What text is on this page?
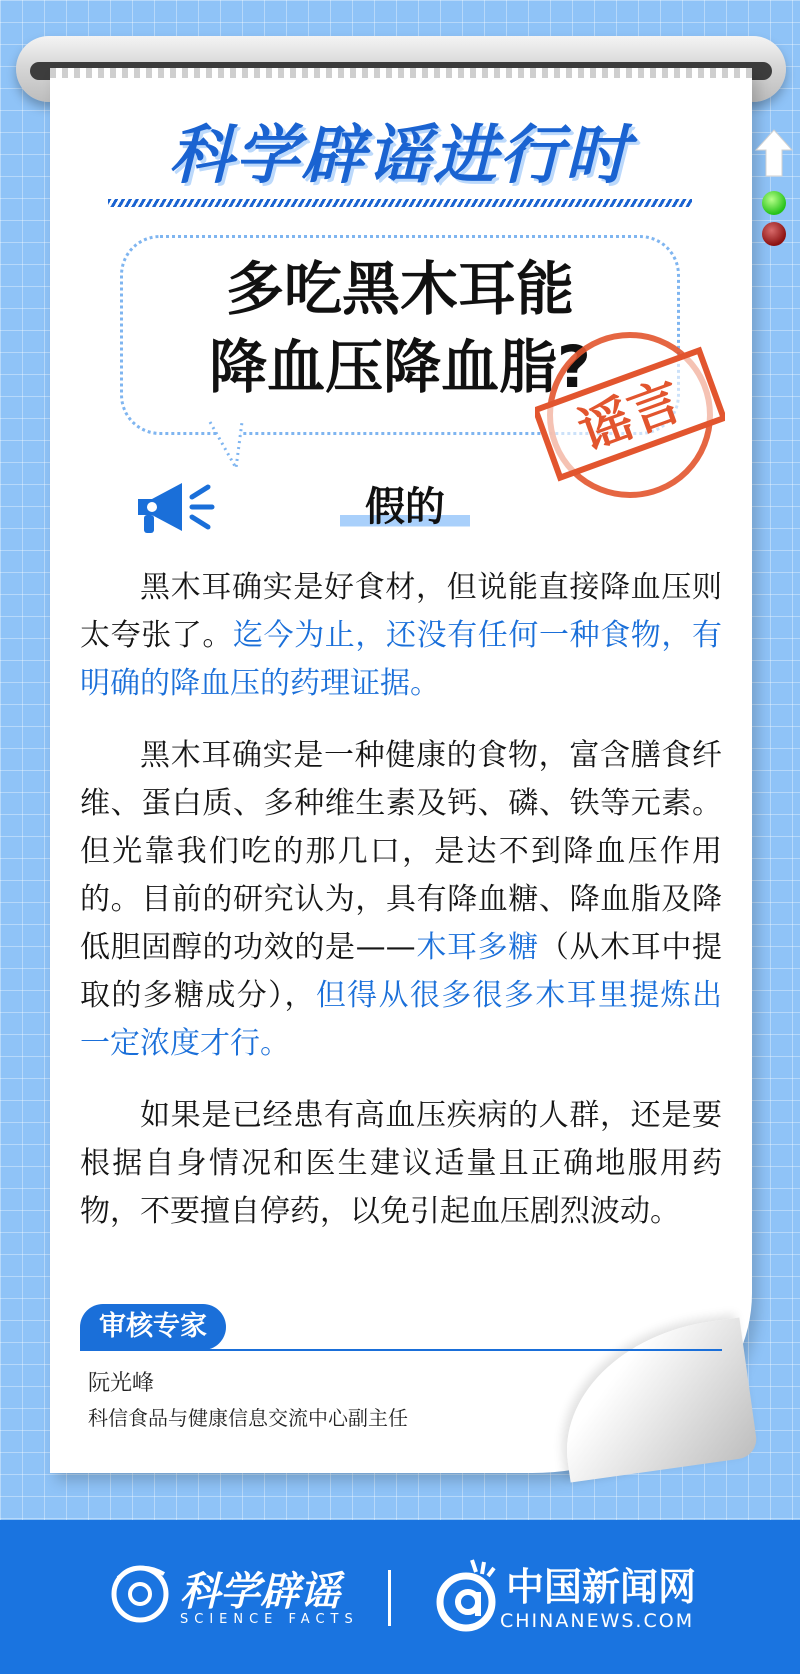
科学辟谣进行时
多吃黑木耳能
降血压降血脂?
谣言
假的

黑木耳确实是好食材，但说能直接降血压则太夸张了。迄今为止，还没有任何一种食物，有明确的降血压的药理证据。

黑木耳确实是一种健康的食物，富含膳食纤维、蛋白质、多种维生素及钙、磷、铁等元素。但光靠我们吃的那几口，是达不到降血压作用的。目前的研究认为，具有降血糖、降血脂及降低胆固醇的功效的是——木耳多糖（从木耳中提取的多糖成分），但得从很多很多木耳里提炼出一定浓度才行。

如果是已经患有高血压疾病的人群，还是要根据自身情况和医生建议适量且正确地服用药物，不要擅自停药，以免引起血压剧烈波动。

审核专家
阮光峰
科信食品与健康信息交流中心副主任
科学辟谣
SCIENCE FACTS
中国新闻网
CHINANEWS.COM
